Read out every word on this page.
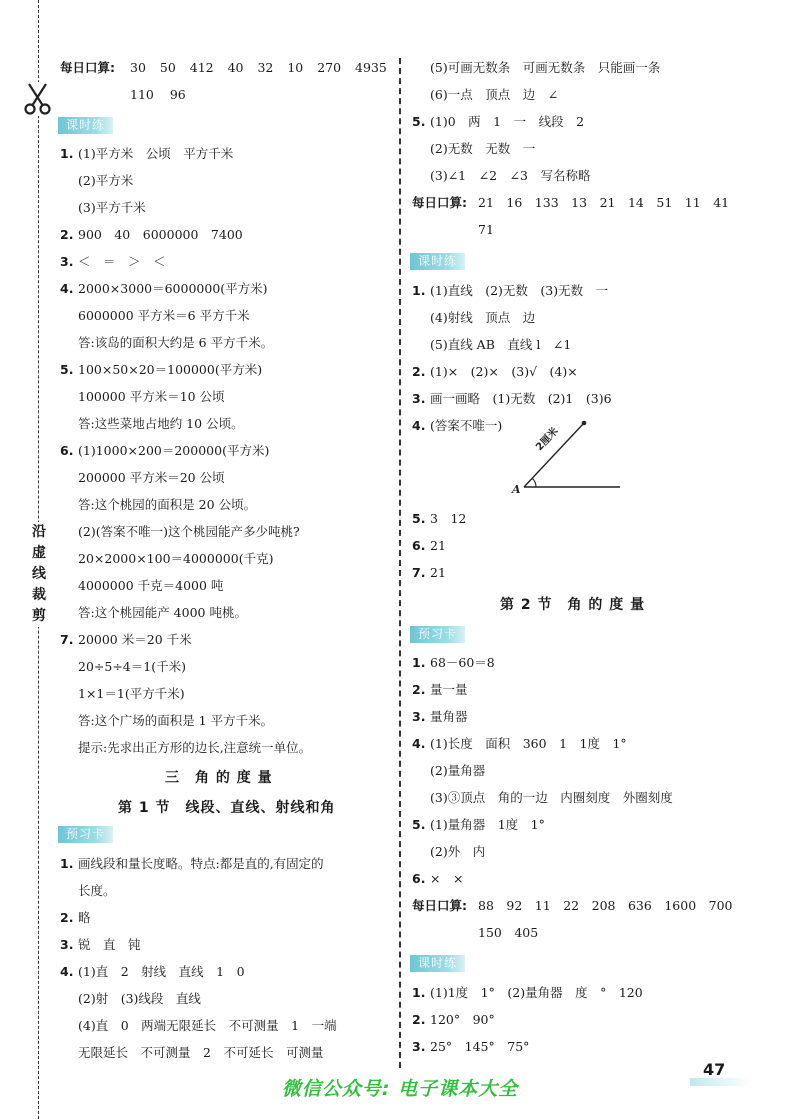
沿
虚
线
裁
剪
每日口算: 30 50 412 40 32 10 270 4935
110 96
课时练
1. (1)平方米　公顷　平方千米
(2)平方米
(3)平方千米
2. 900　40　6000000　7400
3. ＜　＝　＞　＜
4. 2000×3000＝6000000(平方米)
6000000 平方米＝6 平方千米
答:该岛的面积大约是 6 平方千米。
5. 100×50×20＝100000(平方米)
100000 平方米＝10 公顷
答:这些菜地占地约 10 公顷。
6. (1)1000×200＝200000(平方米)
200000 平方米＝20 公顷
答:这个桃园的面积是 20 公顷。
(2)(答案不唯一)这个桃园能产多少吨桃?
20×2000×100＝4000000(千克)
4000000 千克＝4000 吨
答:这个桃园能产 4000 吨桃。
7. 20000 米＝20 千米
20÷5÷4＝1(千米)
1×1＝1(平方千米)
答:这个广场的面积是 1 平方千米。
提示:先求出正方形的边长,注意统一单位。
三　角 的 度 量
第 1 节　线段、直线、射线和角
预习卡
1. 画线段和量长度略。特点:都是直的,有固定的
长度。
2. 略
3. 锐　直　钝
4. (1)直　2　射线　直线　1　0
(2)射　(3)线段　直线
(4)直　0　两端无限延长　不可测量　1　一端
无限延长　不可测量　2　不可延长　可测量
(5)可画无数条　可画无数条　只能画一条
(6)一点　顶点　边　∠
5. (1)0　两　1　一　线段　2
(2)无数　无数　一
(3)∠1　∠2　∠3　写名称略
每日口算: 21　16　133　13　21　14　51　11　41
71
课时练
1. (1)直线　(2)无数　(3)无数　一
(4)射线　顶点　边
(5)直线 AB　直线 l　∠1
2. (1)×　(2)×　(3)√　(4)×
3. 画一画略　(1)无数　(2)1　(3)6
4. (答案不唯一)
2厘米
A
5. 3　12
6. 21
7. 21
第 2 节　角 的 度 量
预习卡
1. 68－60＝8
2. 量一量
3. 量角器
4. (1)长度　面积　360　1　1度　1°
(2)量角器
(3)③顶点　角的一边　内圈刻度　外圈刻度
5. (1)量角器　1度　1°
(2)外　内
6. ×　×
每日口算: 88　92　11　22　208　636　1600　700
150　405
课时练
1. (1)1度　1°　(2)量角器　度　°　120
2. 120°　90°
3. 25°　145°　75°
47
微信公众号: 电子课本大全
